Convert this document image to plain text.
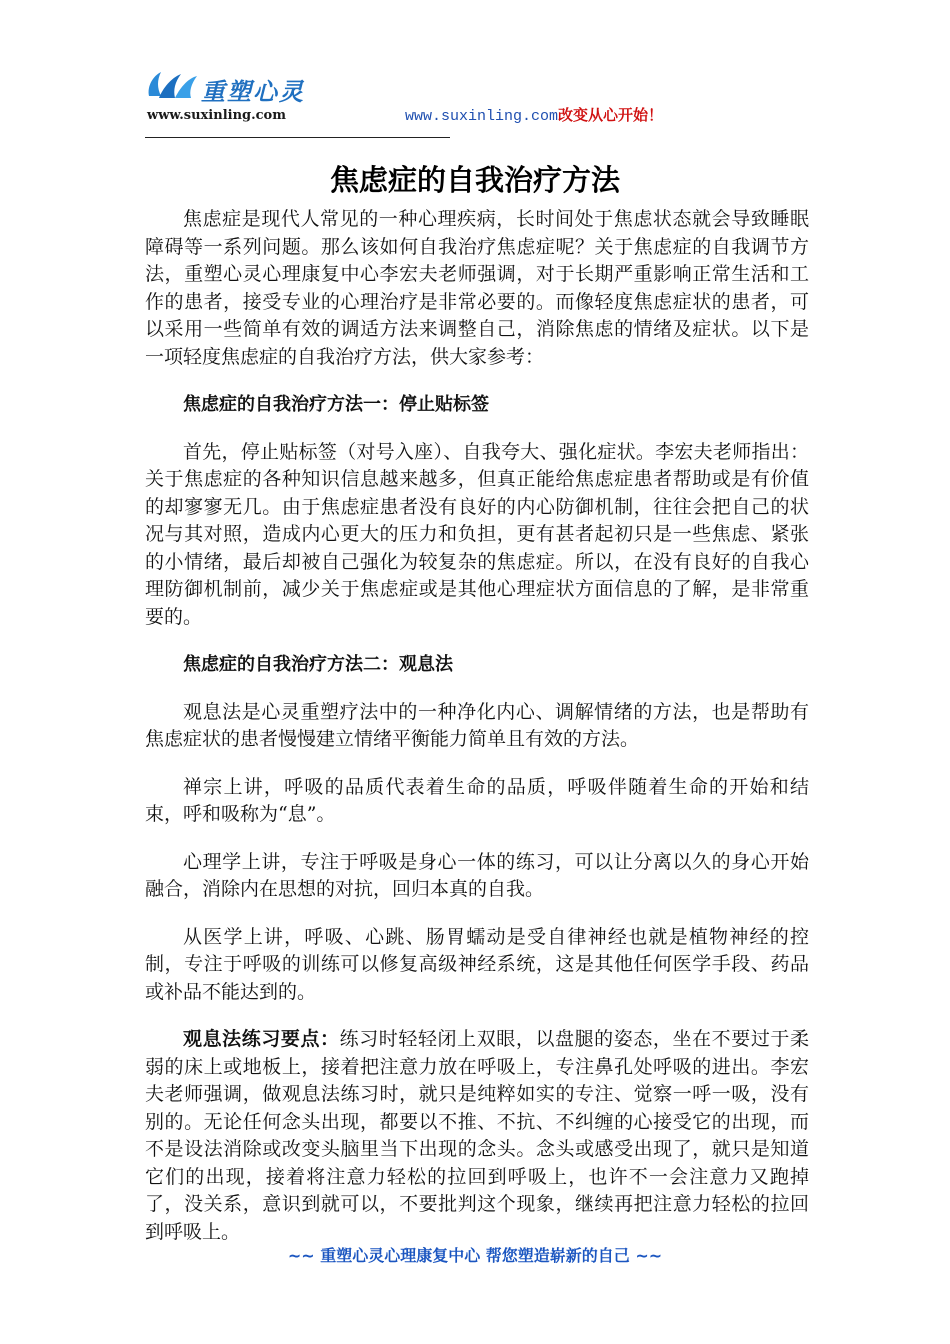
重塑心灵
www.suxinling.com	www.suxinling.com改变从心开始！
焦虑症的自我治疗方法

焦虑症是现代人常见的一种心理疾病，长时间处于焦虑状态就会导致睡眠障碍等一系列问题。那么该如何自我治疗焦虑症呢？关于焦虑症的自我调节方法，重塑心灵心理康复中心李宏夫老师强调，对于长期严重影响正常生活和工作的患者，接受专业的心理治疗是非常必要的。而像轻度焦虑症状的患者，可以采用一些简单有效的调适方法来调整自己，消除焦虑的情绪及症状。以下是一项轻度焦虑症的自我治疗方法，供大家参考：

焦虑症的自我治疗方法一：停止贴标签

首先，停止贴标签（对号入座）、自我夸大、强化症状。李宏夫老师指出：关于焦虑症的各种知识信息越来越多，但真正能给焦虑症患者帮助或是有价值的却寥寥无几。由于焦虑症患者没有良好的内心防御机制，往往会把自己的状况与其对照，造成内心更大的压力和负担，更有甚者起初只是一些焦虑、紧张的小情绪，最后却被自己强化为较复杂的焦虑症。所以，在没有良好的自我心理防御机制前，减少关于焦虑症或是其他心理症状方面信息的了解，是非常重要的。

焦虑症的自我治疗方法二：观息法

观息法是心灵重塑疗法中的一种净化内心、调解情绪的方法，也是帮助有焦虑症状的患者慢慢建立情绪平衡能力简单且有效的方法。

禅宗上讲，呼吸的品质代表着生命的品质，呼吸伴随着生命的开始和结束，呼和吸称为“息”。

心理学上讲，专注于呼吸是身心一体的练习，可以让分离以久的身心开始融合，消除内在思想的对抗，回归本真的自我。

从医学上讲，呼吸、心跳、肠胃蠕动是受自律神经也就是植物神经的控制，专注于呼吸的训练可以修复高级神经系统，这是其他任何医学手段、药品或补品不能达到的。

观息法练习要点：练习时轻轻闭上双眼，以盘腿的姿态，坐在不要过于柔弱的床上或地板上，接着把注意力放在呼吸上，专注鼻孔处呼吸的进出。李宏夫老师强调，做观息法练习时，就只是纯粹如实的专注、觉察一呼一吸，没有别的。无论任何念头出现，都要以不推、不抗、不纠缠的心接受它的出现，而不是设法消除或改变头脑里当下出现的念头。念头或感受出现了，就只是知道它们的出现，接着将注意力轻松的拉回到呼吸上，也许不一会注意力又跑掉了，没关系，意识到就可以，不要批判这个现象，继续再把注意力轻松的拉回到呼吸上。

~~ 重塑心灵心理康复中心 帮您塑造崭新的自己 ~~
